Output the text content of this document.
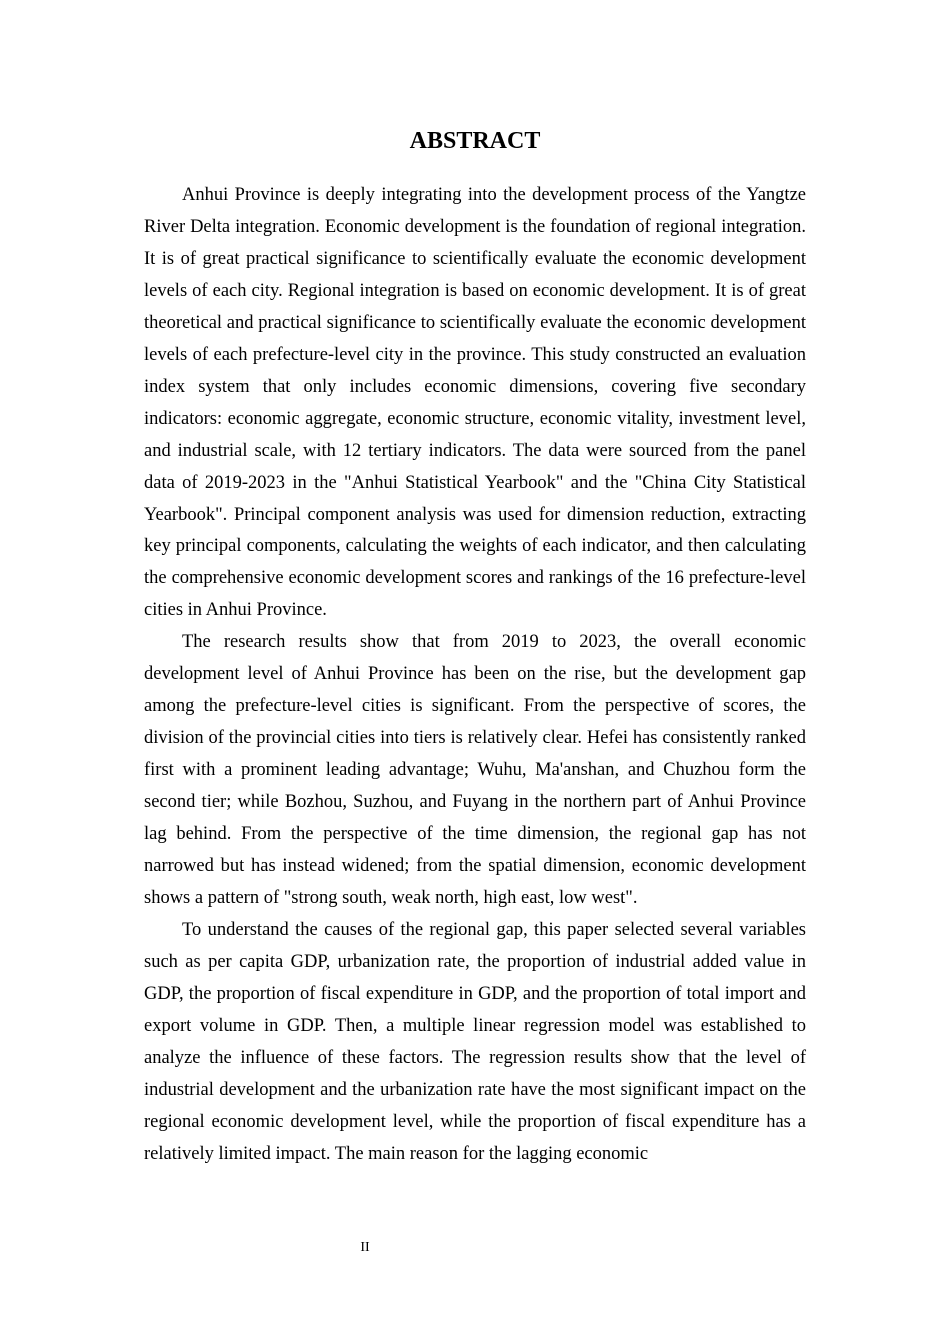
ABSTRACT

Anhui Province is deeply integrating into the development process of the Yangtze River Delta integration. Economic development is the foundation of regional integration. It is of great practical significance to scientifically evaluate the economic development levels of each city. Regional integration is based on economic development. It is of great theoretical and practical significance to scientifically evaluate the economic development levels of each prefecture-level city in the province. This study constructed an evaluation index system that only includes economic dimensions, covering five secondary indicators: economic aggregate, economic structure, economic vitality, investment level, and industrial scale, with 12 tertiary indicators. The data were sourced from the panel data of 2019-2023 in the "Anhui Statistical Yearbook" and the "China City Statistical Yearbook". Principal component analysis was used for dimension reduction, extracting key principal components, calculating the weights of each indicator, and then calculating the comprehensive economic development scores and rankings of the 16 prefecture-level cities in Anhui Province.

The research results show that from 2019 to 2023, the overall economic development level of Anhui Province has been on the rise, but the development gap among the prefecture-level cities is significant. From the perspective of scores, the division of the provincial cities into tiers is relatively clear. Hefei has consistently ranked first with a prominent leading advantage; Wuhu, Ma'anshan, and Chuzhou form the second tier; while Bozhou, Suzhou, and Fuyang in the northern part of Anhui Province lag behind. From the perspective of the time dimension, the regional gap has not narrowed but has instead widened; from the spatial dimension, economic development shows a pattern of "strong south, weak north, high east, low west".

To understand the causes of the regional gap, this paper selected several variables such as per capita GDP, urbanization rate, the proportion of industrial added value in GDP, the proportion of fiscal expenditure in GDP, and the proportion of total import and export volume in GDP. Then, a multiple linear regression model was established to analyze the influence of these factors. The regression results show that the level of industrial development and the urbanization rate have the most significant impact on the regional economic development level, while the proportion of fiscal expenditure has a relatively limited impact. The main reason for the lagging economic

II
